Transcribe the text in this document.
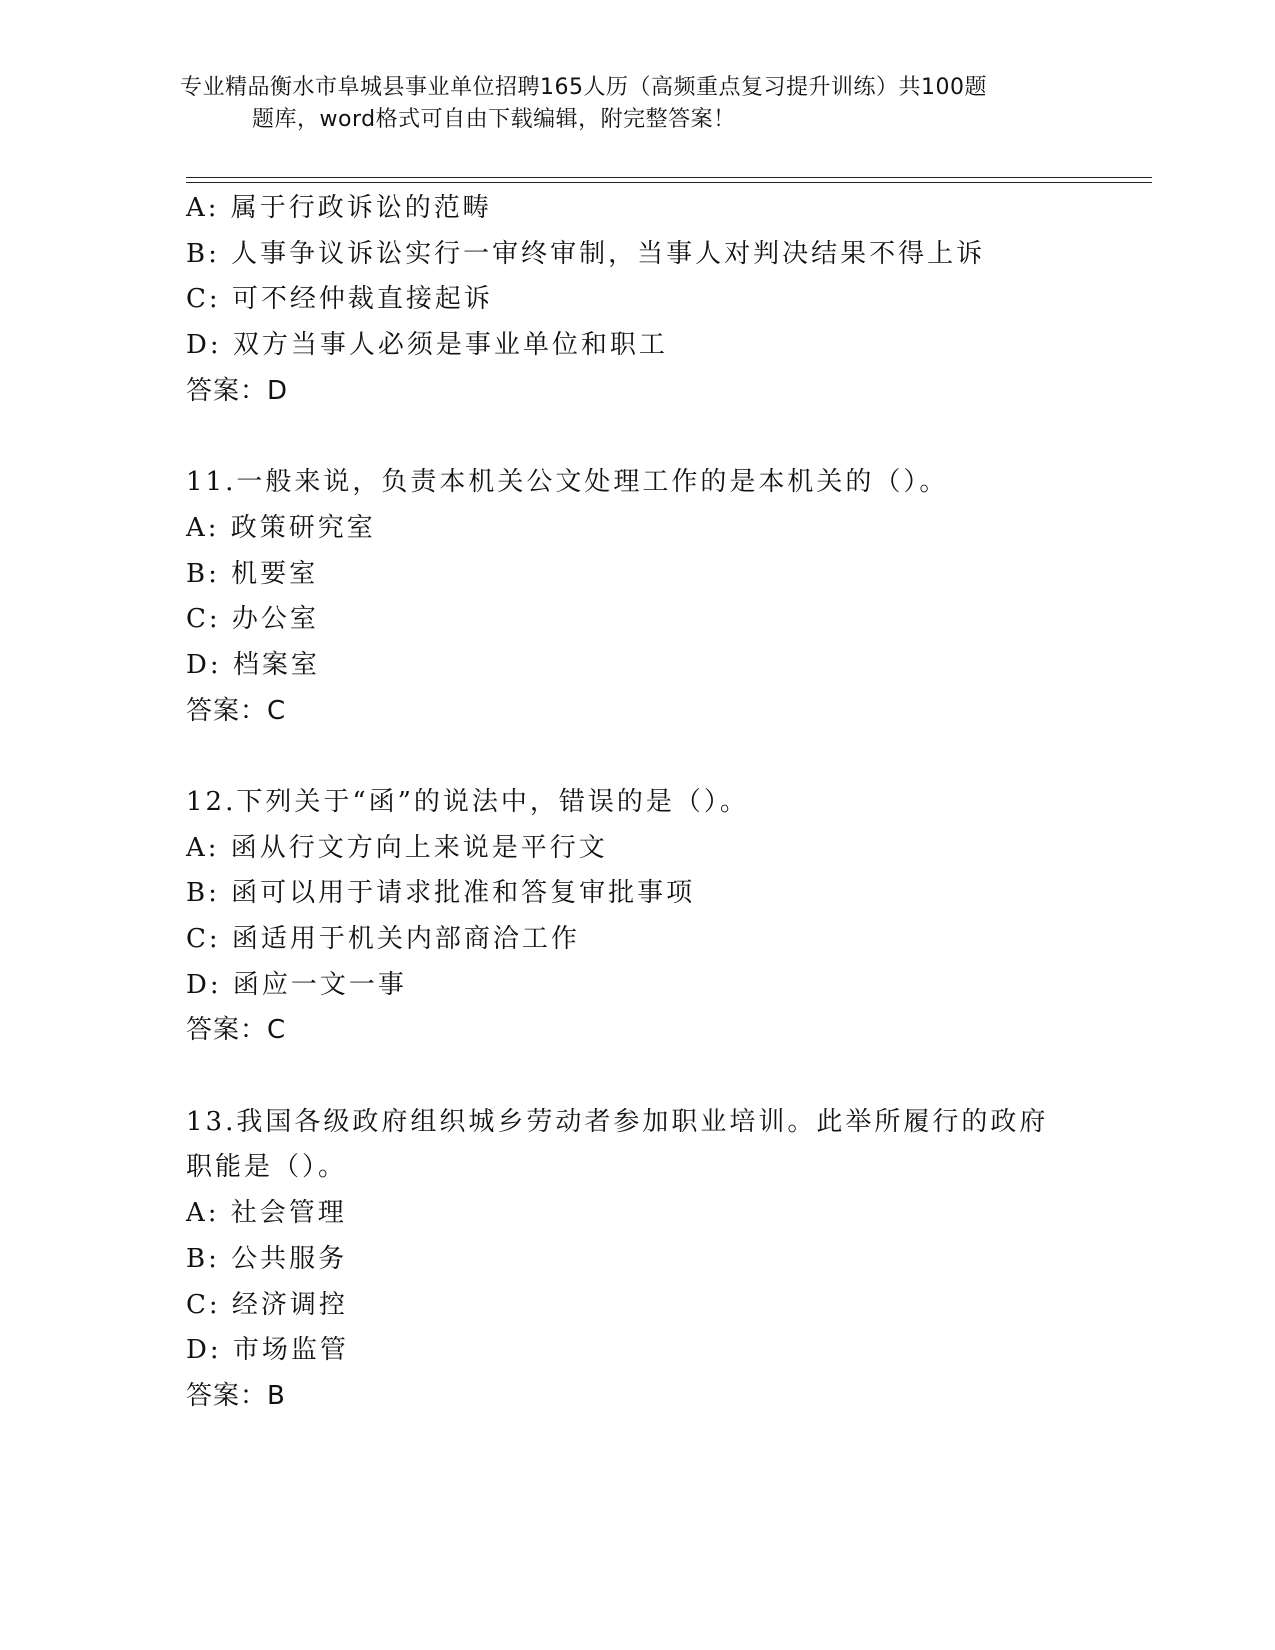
专业精品衡水市阜城县事业单位招聘165人历（高频重点复习提升训练）共100题
题库，word格式可自由下载编辑，附完整答案！
A: 属于行政诉讼的范畴
B: 人事争议诉讼实行一审终审制，当事人对判决结果不得上诉
C: 可不经仲裁直接起诉
D: 双方当事人必须是事业单位和职工
答案：D
11.一般来说，负责本机关公文处理工作的是本机关的（）。
A: 政策研究室
B: 机要室
C: 办公室
D: 档案室
答案：C
12.下列关于“函”的说法中，错误的是（）。
A: 函从行文方向上来说是平行文
B: 函可以用于请求批准和答复审批事项
C: 函适用于机关内部商洽工作
D: 函应一文一事
答案：C
13.我国各级政府组织城乡劳动者参加职业培训。此举所履行的政府职能是（）。
A: 社会管理
B: 公共服务
C: 经济调控
D: 市场监管
答案：B
